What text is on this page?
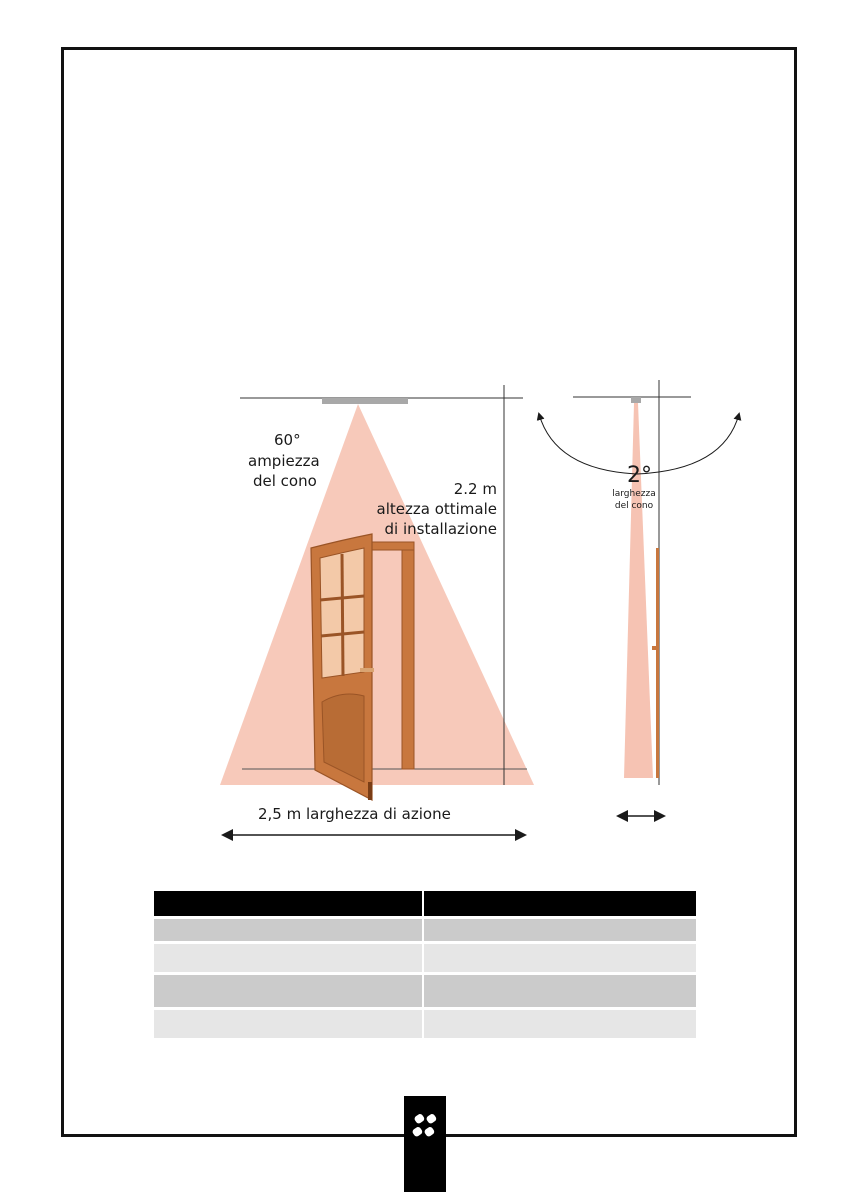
60°
ampiezza
del cono	2.2 m
altezza ottimale
di installazione
2,5 m larghezza di azione
2°
larghezza
del cono
